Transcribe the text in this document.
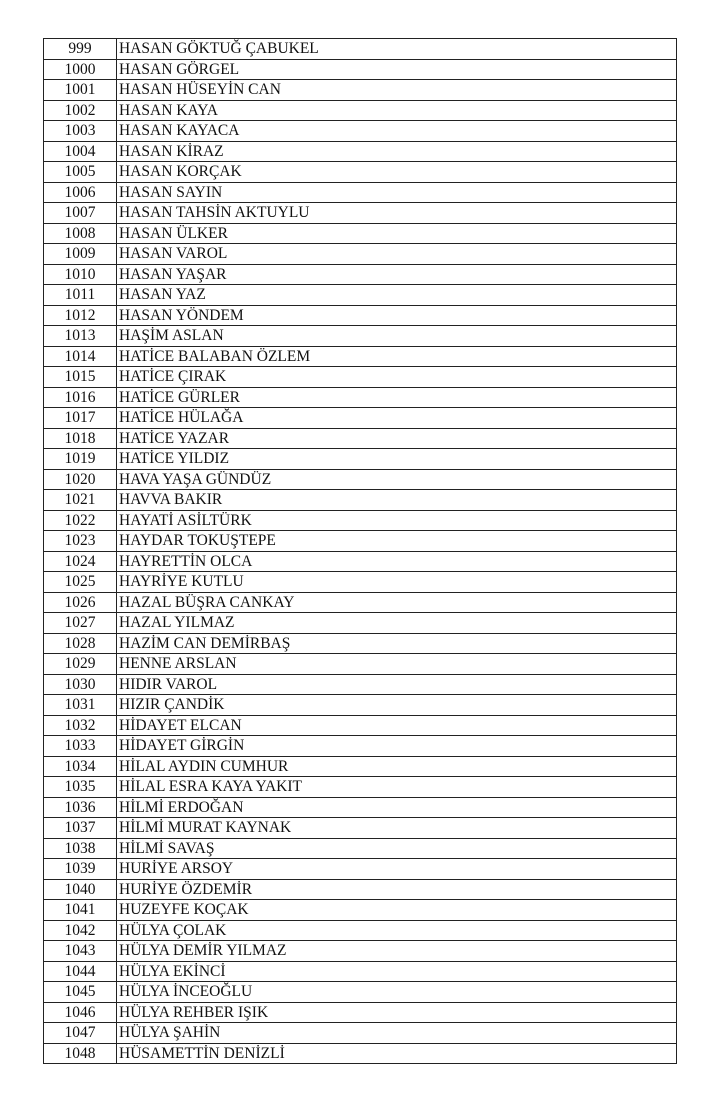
999	HASAN GÖKTUĞ ÇABUKEL
1000	HASAN GÖRGEL
1001	HASAN HÜSEYİN CAN
1002	HASAN KAYA
1003	HASAN KAYACA
1004	HASAN KİRAZ
1005	HASAN KORÇAK
1006	HASAN SAYIN
1007	HASAN TAHSİN AKTUYLU
1008	HASAN ÜLKER
1009	HASAN VAROL
1010	HASAN YAŞAR
1011	HASAN YAZ
1012	HASAN YÖNDEM
1013	HAŞİM ASLAN
1014	HATİCE BALABAN ÖZLEM
1015	HATİCE ÇIRAK
1016	HATİCE GÜRLER
1017	HATİCE HÜLAĞA
1018	HATİCE YAZAR
1019	HATİCE YILDIZ
1020	HAVA YAŞA GÜNDÜZ
1021	HAVVA BAKIR
1022	HAYATİ ASİLTÜRK
1023	HAYDAR TOKUŞTEPE
1024	HAYRETTİN OLCA
1025	HAYRİYE KUTLU
1026	HAZAL BÜŞRA CANKAY
1027	HAZAL YILMAZ
1028	HAZİM CAN DEMİRBAŞ
1029	HENNE ARSLAN
1030	HIDIR VAROL
1031	HIZIR ÇANDİK
1032	HİDAYET ELCAN
1033	HİDAYET GİRGİN
1034	HİLAL AYDIN CUMHUR
1035	HİLAL ESRA KAYA YAKIT
1036	HİLMİ ERDOĞAN
1037	HİLMİ MURAT KAYNAK
1038	HİLMİ SAVAŞ
1039	HURİYE ARSOY
1040	HURİYE ÖZDEMİR
1041	HUZEYFE KOÇAK
1042	HÜLYA ÇOLAK
1043	HÜLYA DEMİR YILMAZ
1044	HÜLYA EKİNCİ
1045	HÜLYA İNCEOĞLU
1046	HÜLYA REHBER IŞIK
1047	HÜLYA ŞAHİN
1048	HÜSAMETTİN DENİZLİ
